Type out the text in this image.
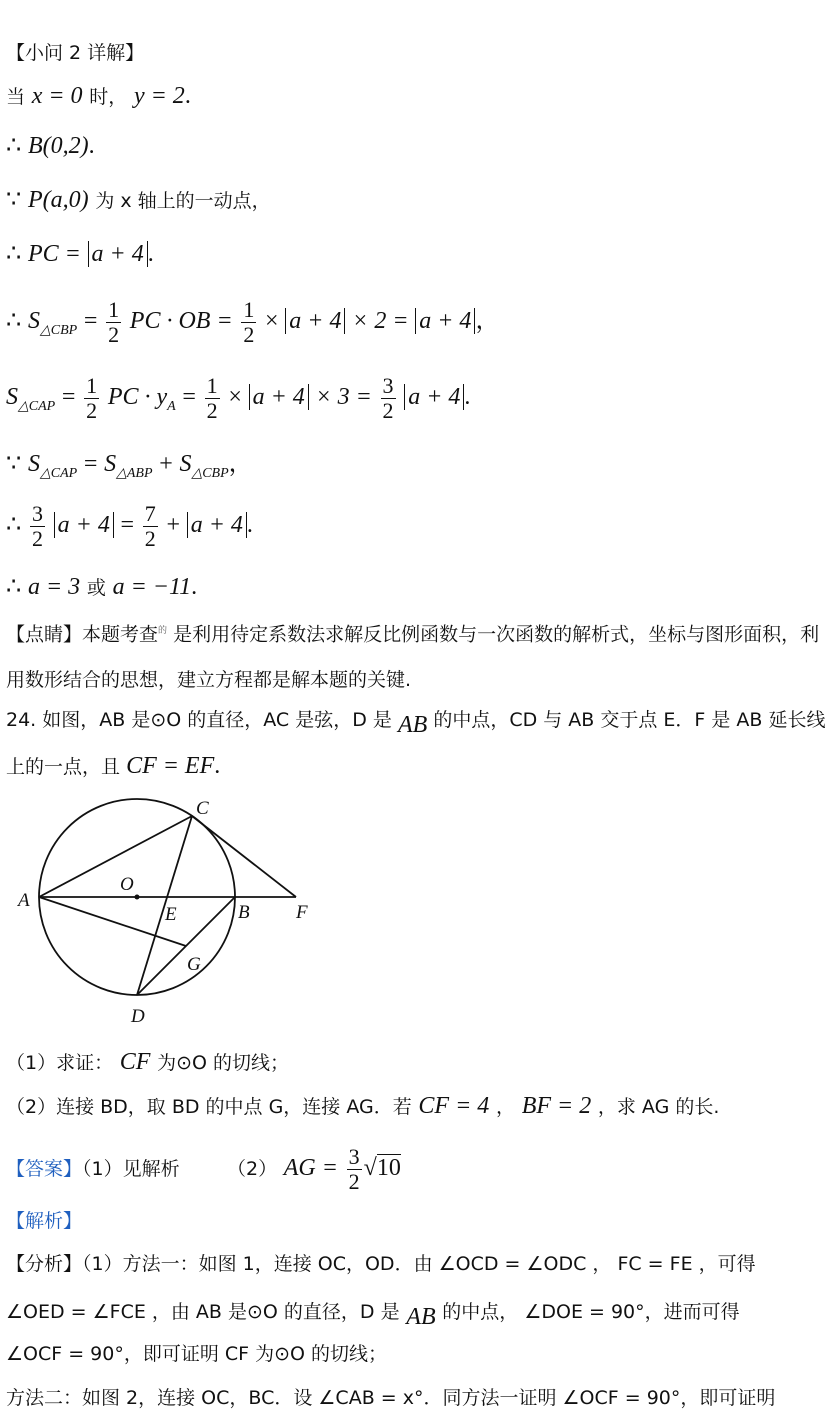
【小问 2 详解】
当 x = 0 时， y = 2.
∴ B(0,2).
∵ P(a,0) 为 x 轴上的一动点，
∴ PC = a + 4 .
∴ $S_{\triangle CBP} = \frac{1}{2}$ PC · OB = $\frac{1}{2} \times a + 4 \times 2 = a + 4$ ，
$S_{\triangle CAP} = \frac{1}{2}$ PC · $y_A = \frac{1}{2} \times a + 4 \times 3 = \frac{3}{2}$ a + 4 .
∵ $S_{\triangle CAP} = S_{\triangle ABP} + S_{\triangle CBP}$，
∴ $\frac{3}{2}$ $a + 4 = \frac{7}{2} + a + 4$ .
∴ a = 3 或 a = −11.
【点睛】本题考查$^的$ 是利用待定系数法求解反比例函数与一次函数的解析式，坐标与图形面积，利用数形结合的思想，建立方程都是解本题的关键.
24. 如图，AB 是⊙O 的直径，AC 是弦，D 是 AB 的中点，CD 与 AB 交于点 E．F 是 AB 延长线上的一点，且 CF = EF.
A
O
E	B F
C
G
D
（1）求证： CF 为⊙O 的切线；
（2）连接 BD，取 BD 的中点 G，连接 AG．若 CF = 4 ， BF = 2 ，求 AG 的长.
【答案】（1）见解析 （2） AG = $\frac{3}{2} √10$
【解析】
【分析】（1）方法一：如图 1，连接 OC，OD．由 ∠OCD = ∠ODC ， FC = FE ，可得
∠OED = ∠FCE ，由 AB 是⊙O 的直径，D 是 AB 的中点， ∠DOE = 90°，进而可得
∠OCF = 90°，即可证明 CF 为⊙O 的切线；
方法二：如图 2，连接 OC，BC．设 ∠CAB = x°．同方法一证明 ∠OCF = 90°，即可证明
